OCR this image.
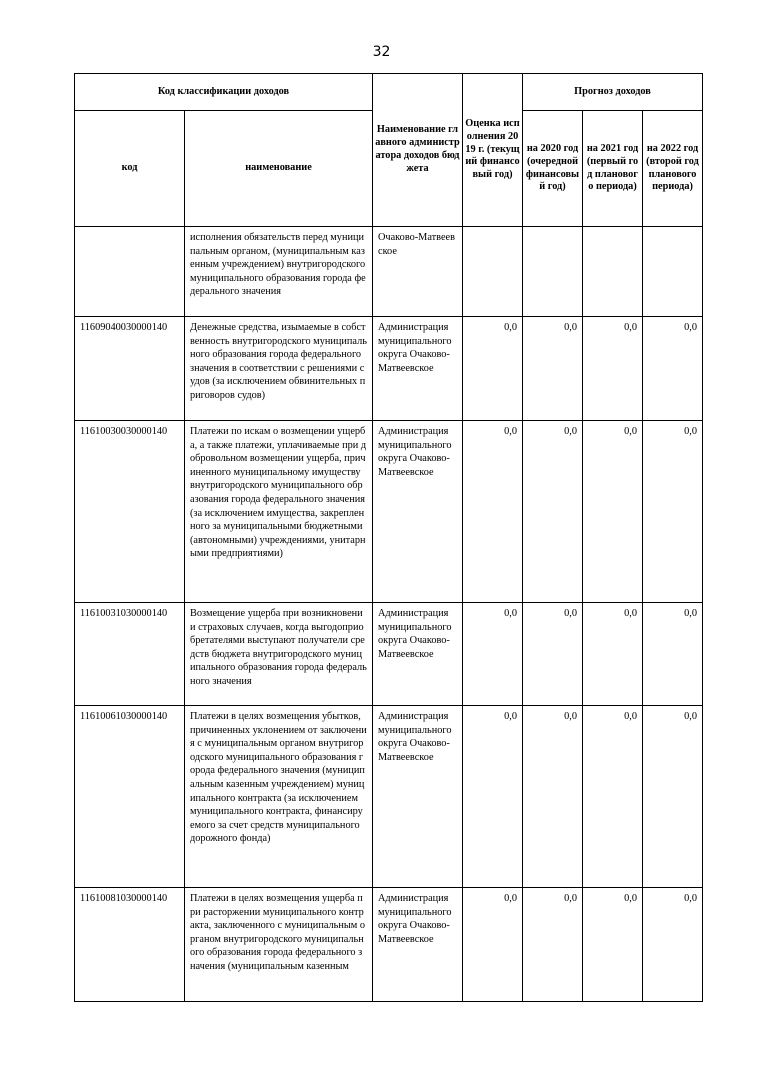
32
Код классификации доходов		Наименование главного администратора доходов бюджета	Оценка исполнения 2019 г. (текущий финансовый год)	Прогноз доходов		
код	наименование			на 2020 год (очередной финансовый год)	на 2021 год (первый год планового периода)	на 2022 год (второй год планового периода)
	исполнения обязательств перед муниципальным органом, (муниципальным казенным учреждением) внутригородского муниципального образования города федерального значения	Очаково-Матвеевское				
11609040030000140	Денежные средства, изымаемые в собственность внутригородского муниципального образования города федерального значения в соответствии с решениями судов (за исключением обвинительных приговоров судов)	Администрация муниципального округа Очаково-Матвеевское	0,0	0,0	0,0	0,0
11610030030000140	Платежи по искам о возмещении ущерба, а также платежи, уплачиваемые при добровольном возмещении ущерба, причиненного муниципальному имуществу внутригородского муниципального образования города федерального значения (за исключением имущества, закрепленного за муниципальными бюджетными (автономными) учреждениями, унитарными предприятиями)	Администрация муниципального округа Очаково-Матвеевское	0,0	0,0	0,0	0,0
11610031030000140	Возмещение ущерба при возникновении страховых случаев, когда выгодоприобретателями выступают получатели средств бюджета внутригородского муниципального образования города федерального значения	Администрация муниципального округа Очаково-Матвеевское	0,0	0,0	0,0	0,0
11610061030000140	Платежи в целях возмещения убытков, причиненных уклонением от заключения с муниципальным органом внутригородского муниципального образования города федерального значения (муниципальным казенным учреждением) муниципального контракта (за исключением муниципального контракта, финансируемого за счет средств муниципального дорожного фонда)	Администрация муниципального округа Очаково-Матвеевское	0,0	0,0	0,0	0,0
11610081030000140	Платежи в целях возмещения ущерба при расторжении муниципального контракта, заключенного с муниципальным органом внутригородского муниципального образования города федерального значения (муниципальным казенным	Администрация муниципального округа Очаково-Матвеевское	0,0	0,0	0,0	0,0
